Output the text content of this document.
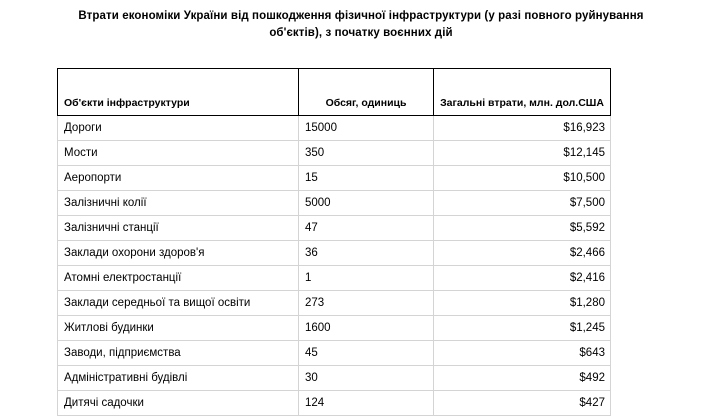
Втрати економіки України від пошкодження фізичної інфраструктури (у разі повного руйнування об'єктів), з початку воєнних дій
Об'єкти інфраструктури	Обсяг, одиниць	Загальні втрати, млн. дол.США
Дороги	15000	$16,923
Мости	350	$12,145
Аеропорти	15	$10,500
Залізничні колії	5000	$7,500
Залізничні станції	47	$5,592
Заклади охорони здоров'я	36	$2,466
Атомні електростанції	1	$2,416
Заклади середньої та вищої освіти	273	$1,280
Житлові будинки	1600	$1,245
Заводи, підприємства	45	$643
Адміністративні будівлі	30	$492
Дитячі садочки	124	$427
